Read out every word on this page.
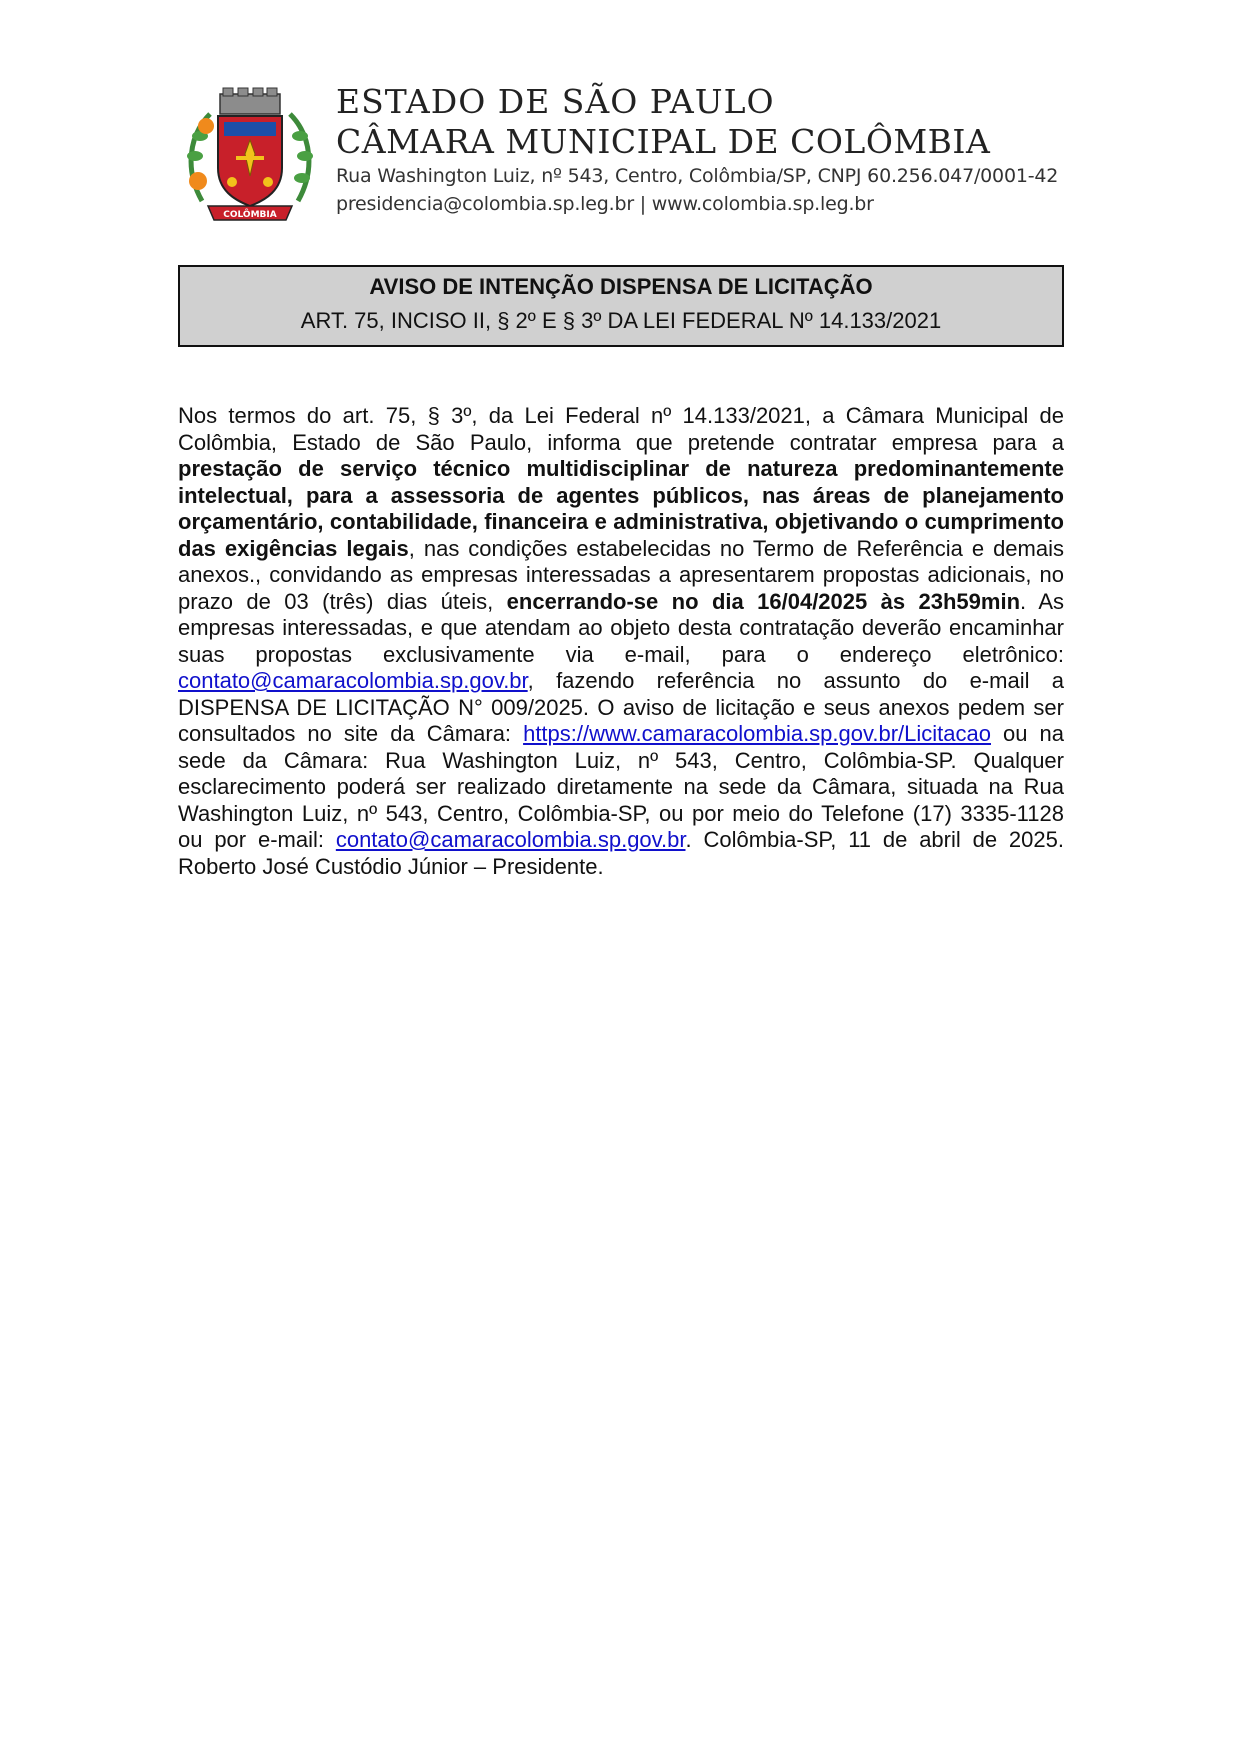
COLÔMBIA
ESTADO DE SÃO PAULO
CÂMARA MUNICIPAL DE COLÔMBIA
Rua Washington Luiz, nº 543, Centro, Colômbia/SP, CNPJ 60.256.047/0001-42
presidencia@colombia.sp.leg.br | www.colombia.sp.leg.br
AVISO DE INTENÇÃO DISPENSA DE LICITAÇÃO
ART. 75, INCISO II, § 2º E § 3º DA LEI FEDERAL Nº 14.133/2021
Nos termos do art. 75, § 3º, da Lei Federal nº 14.133/2021, a Câmara Municipal de Colômbia, Estado de São Paulo, informa que pretende contratar empresa para a prestação de serviço técnico multidisciplinar de natureza predominantemente intelectual, para a assessoria de agentes públicos, nas áreas de planejamento orçamentário, contabilidade, financeira e administrativa, objetivando o cumprimento das exigências legais, nas condições estabelecidas no Termo de Referência e demais anexos., convidando as empresas interessadas a apresentarem propostas adicionais, no prazo de 03 (três) dias úteis, encerrando-se no dia 16/04/2025 às 23h59min. As empresas interessadas, e que atendam ao objeto desta contratação deverão encaminhar suas propostas exclusivamente via e-mail, para o endereço eletrônico: contato@camaracolombia.sp.gov.br, fazendo referência no assunto do e-mail a DISPENSA DE LICITAÇÃO N° 009/2025. O aviso de licitação e seus anexos pedem ser consultados no site da Câmara: https://www.camaracolombia.sp.gov.br/Licitacao ou na sede da Câmara: Rua Washington Luiz, nº 543, Centro, Colômbia-SP. Qualquer esclarecimento poderá ser realizado diretamente na sede da Câmara, situada na Rua Washington Luiz, nº 543, Centro, Colômbia-SP, ou por meio do Telefone (17) 3335-1128 ou por e-mail: contato@camaracolombia.sp.gov.br. Colômbia-SP, 11 de abril de 2025. Roberto José Custódio Júnior – Presidente.
